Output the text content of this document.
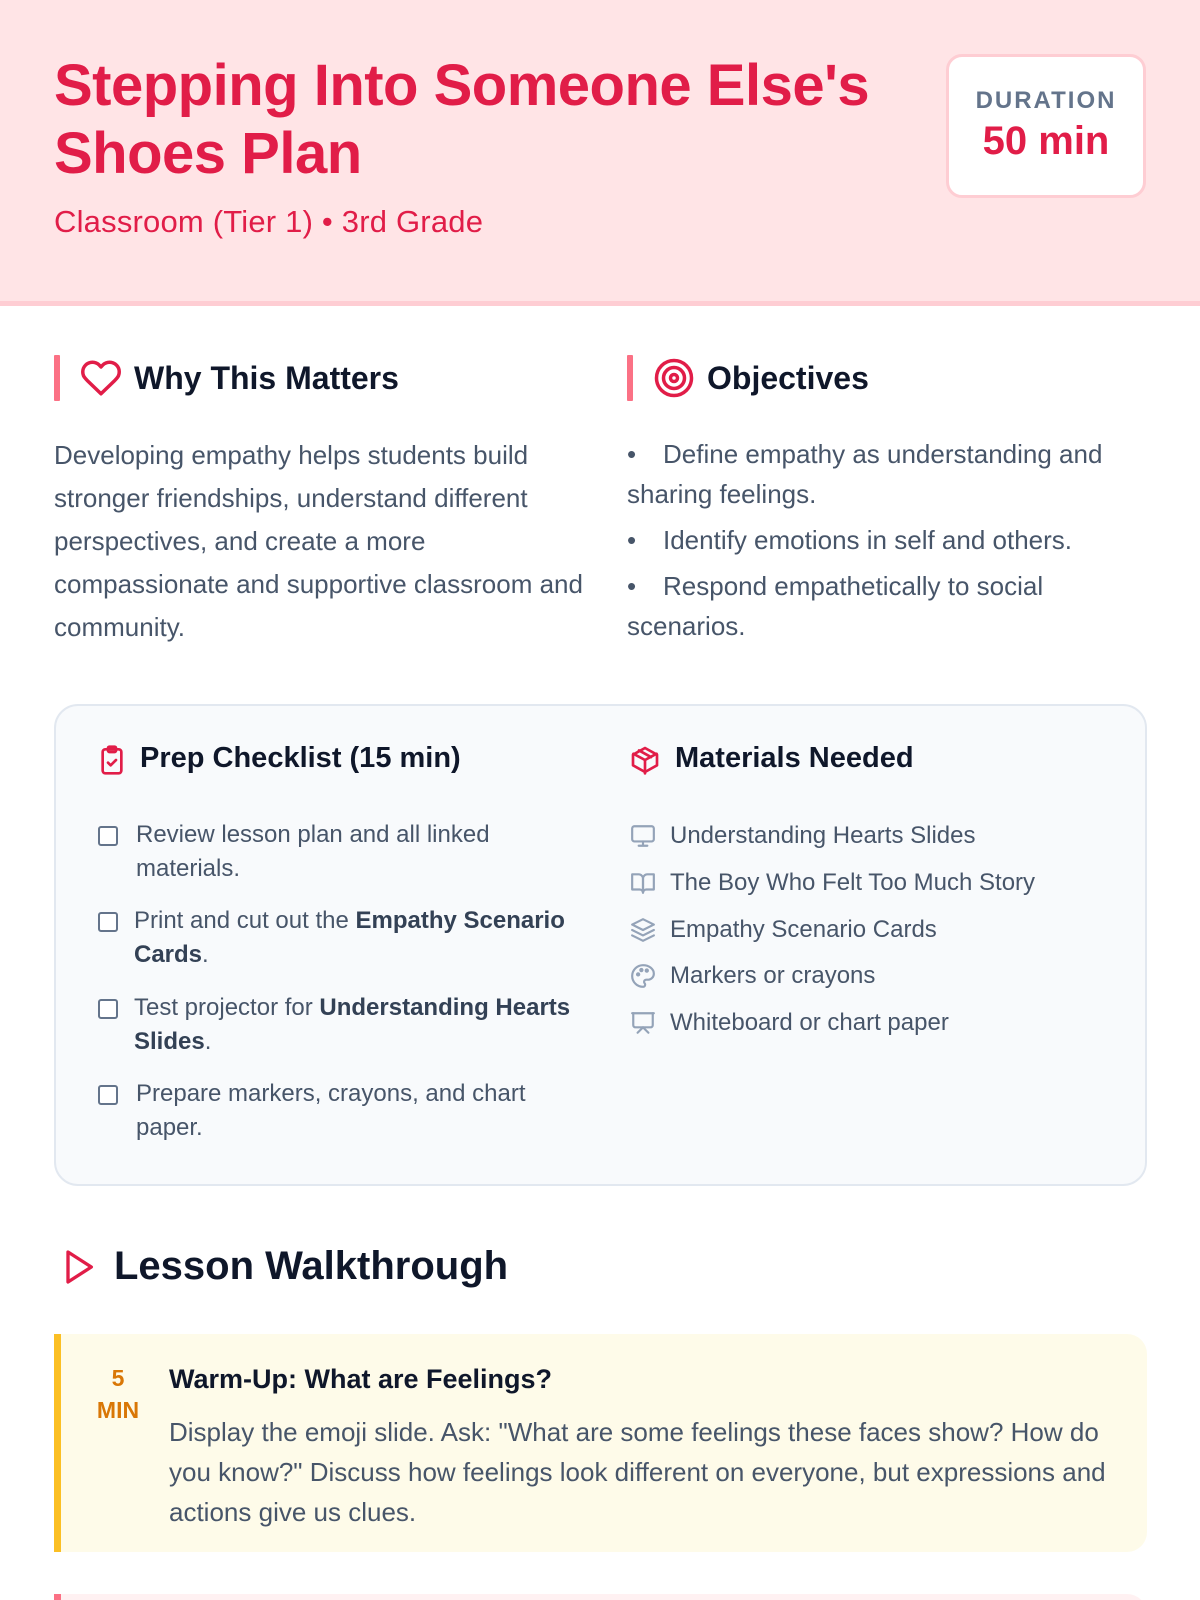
Stepping Into Someone Else's Shoes Plan
Classroom (Tier 1) • 3rd Grade
DURATION
50 min
Why This Matters

Developing empathy helps students build stronger friendships, understand different perspectives, and create a more compassionate and supportive classroom and community.

Objectives
• Define empathy as understanding and sharing feelings.
• Identify emotions in self and others.
• Respond empathetically to social scenarios.
Prep Checklist (15 min)
Review lesson plan and all linked materials.
Print and cut out the Empathy Scenario Cards.
Test projector for Understanding Hearts Slides.
Prepare markers, crayons, and chart paper.
Materials Needed
Understanding Hearts Slides
The Boy Who Felt Too Much Story
Empathy Scenario Cards
Markers or crayons
Whiteboard or chart paper
Lesson Walkthrough
5
MIN
Warm-Up: What are Feelings?
Display the emoji slide. Ask: "What are some feelings these faces show? How do you know?" Discuss how feelings look different on everyone, but expressions and actions give us clues.
